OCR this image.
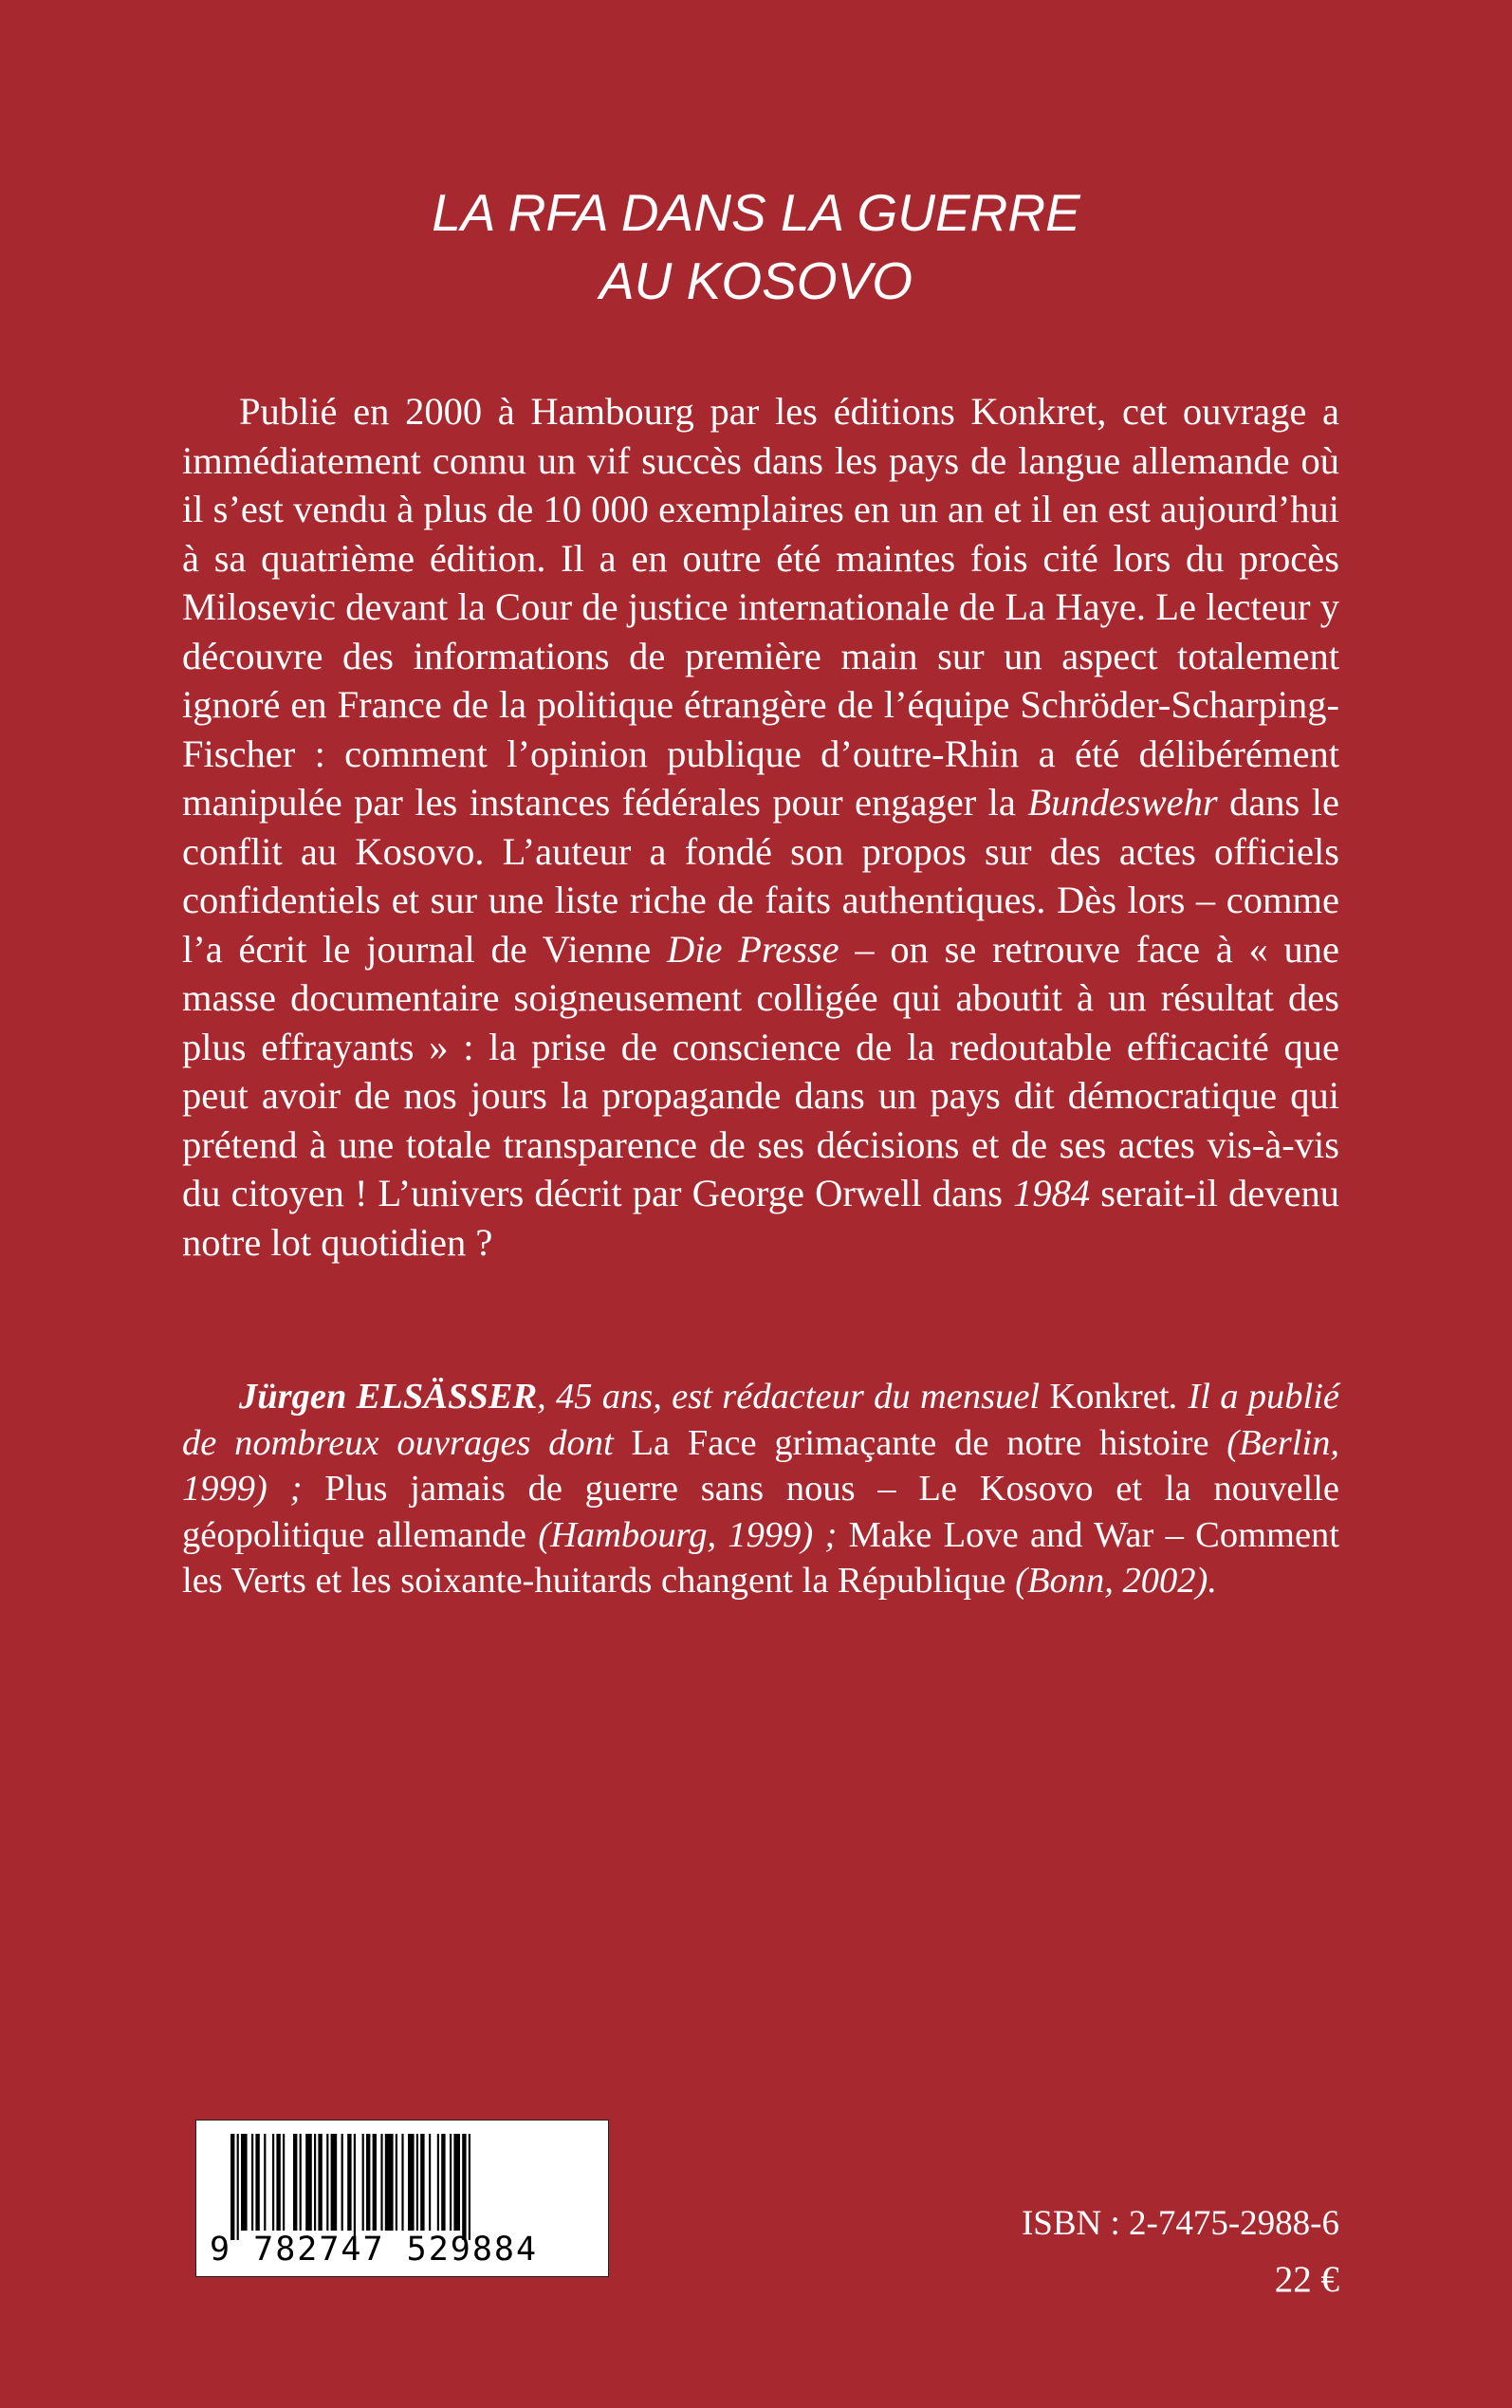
LA RFA DANS LA GUERRE
AU KOSOVO

Publié en 2000 à Hambourg par les éditions Konkret, cet ouvrage a immédiatement connu un vif succès dans les pays de langue allemande où il s’est vendu à plus de 10 000 exemplaires en un an et il en est aujourd’hui à sa quatrième édition. Il a en outre été maintes fois cité lors du procès Milosevic devant la Cour de justice internationale de La Haye. Le lecteur y découvre des informations de première main sur un aspect totalement ignoré en France de la politique étrangère de l’équipe Schröder-Scharping-Fischer : comment l’opinion publique d’outre-Rhin a été délibérément manipulée par les instances fédérales pour engager la Bundeswehr dans le conflit au Kosovo. L’auteur a fondé son propos sur des actes officiels confidentiels et sur une liste riche de faits authentiques. Dès lors – comme l’a écrit le journal de Vienne Die Presse – on se retrouve face à « une masse documentaire soigneusement colligée qui aboutit à un résultat des plus effrayants » : la prise de conscience de la redoutable efficacité que peut avoir de nos jours la propagande dans un pays dit démocratique qui prétend à une totale transparence de ses décisions et de ses actes vis-à-vis du citoyen ! L’univers décrit par George Orwell dans 1984 serait-il devenu notre lot quotidien ?

Jürgen ELSÄSSER, 45 ans, est rédacteur du mensuel Konkret. Il a publié de nombreux ouvrages dont La Face grimaçante de notre histoire (Berlin, 1999) ; Plus jamais de guerre sans nous – Le Kosovo et la nouvelle géopolitique allemande (Hambourg, 1999) ; Make Love and War – Comment les Verts et les soixante-huitards changent la République (Bonn, 2002).

9 782747 529884
ISBN : 2-7475-2988-6
22 €
